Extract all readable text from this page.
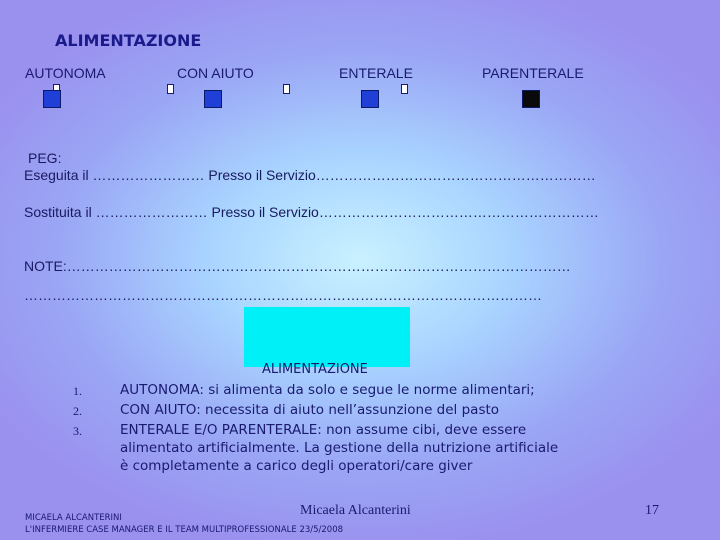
ALIMENTAZIONE
AUTONOMA	CON AIUTO	ENTERALE	PARENTERALE
PEG:
Eseguita il …………………… Presso il Servizio……………………………………………………
Sostituita il …………………… Presso il Servizio……………………………………………………
NOTE:………………………………………………………………………………………………
…………………………………………………………………………………………………
ALIMENTAZIONE
1.	AUTONOMA: si alimenta da solo e segue le norme alimentari;
2.	CON AIUTO: necessita di aiuto nell’assunzione del pasto
3.	ENTERALE E/O PARENTERALE: non assume cibi, deve essere alimentato artificialmente. La gestione della nutrizione artificiale è completamente a carico degli operatori/care giver
Micaela Alcanterini	17
MICAELA ALCANTERINI
L'INFERMIERE CASE MANAGER E IL TEAM MULTIPROFESSIONALE 23/5/2008
